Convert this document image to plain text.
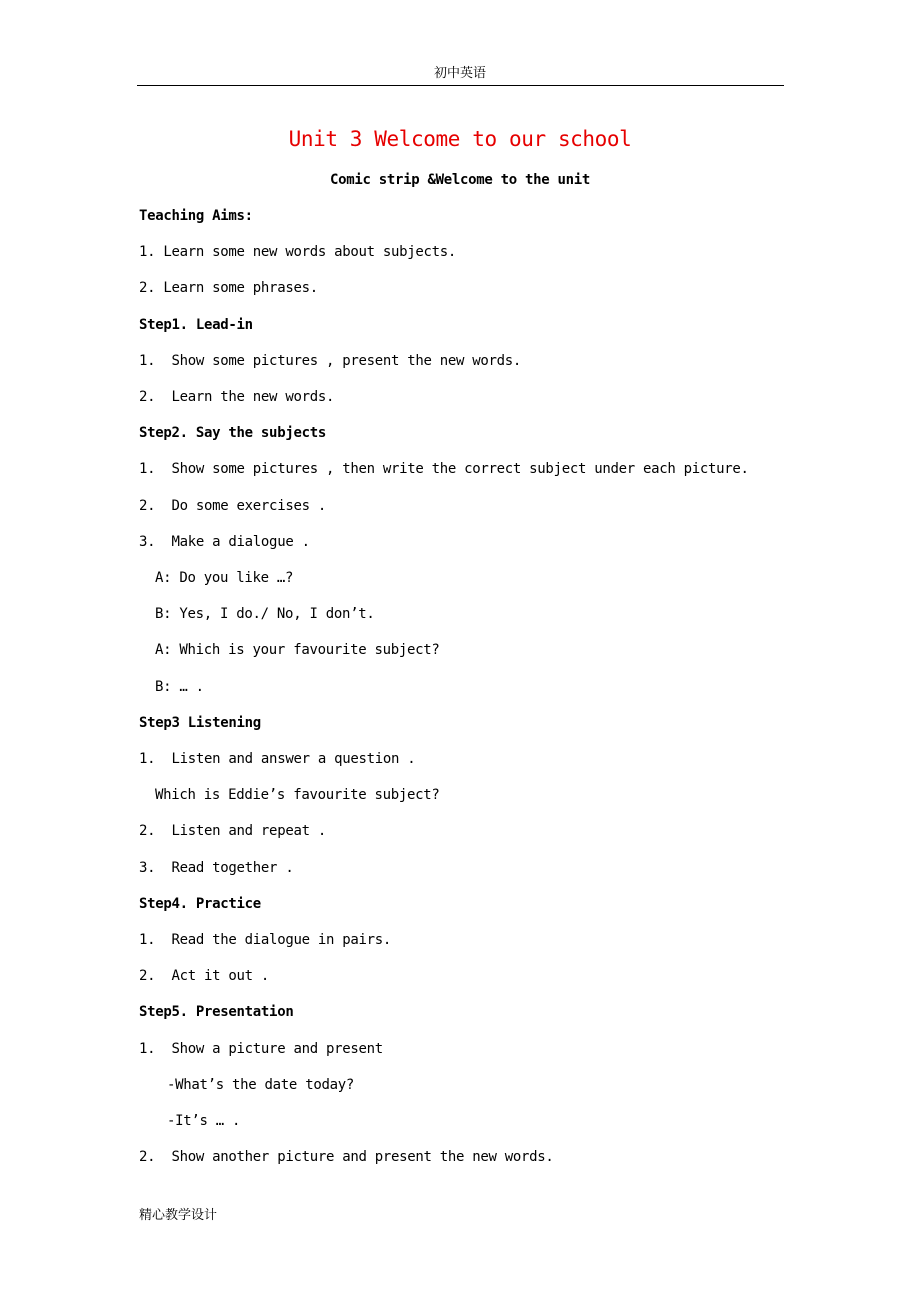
初中英语
Unit 3 Welcome to our school
Comic strip &Welcome to the unit
Teaching Aims:
1. Learn some new words about subjects.
2. Learn some phrases.
Step1. Lead-in
1.  Show some pictures , present the new words.
2.  Learn the new words.
Step2. Say the subjects
1.  Show some pictures , then write the correct subject under each picture.
2.  Do some exercises .
3.  Make a dialogue .
A: Do you like …?
B: Yes, I do./ No, I don’t.
A: Which is your favourite subject?
B: … .
Step3 Listening
1.  Listen and answer a question .
Which is Eddie’s favourite subject?
2.  Listen and repeat .
3.  Read together .
Step4. Practice
1.  Read the dialogue in pairs.
2.  Act it out .
Step5. Presentation
1.  Show a picture and present
-What’s the date today?
-It’s … .
2.  Show another picture and present the new words.
精心教学设计
